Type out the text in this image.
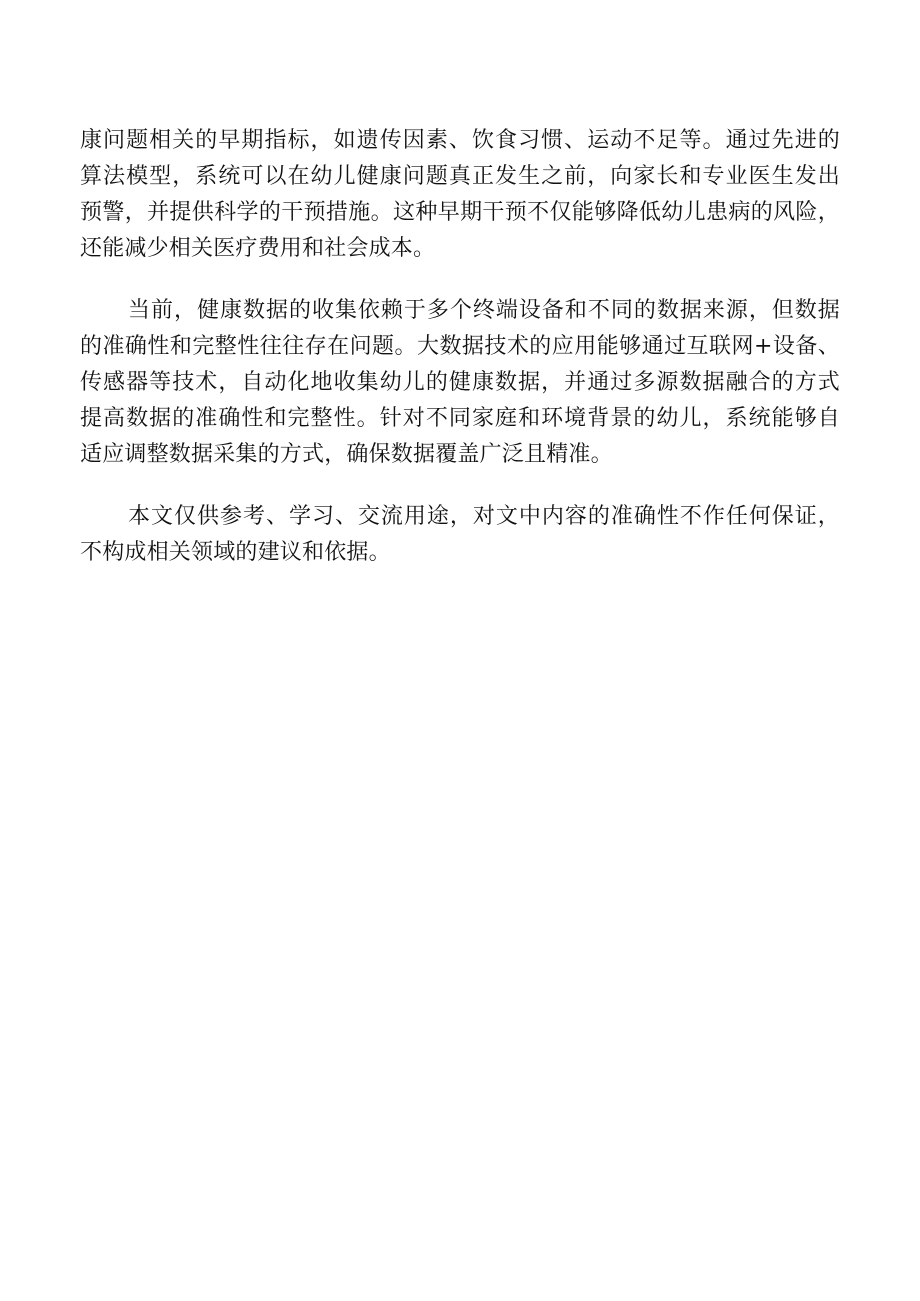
康问题相关的早期指标，如遗传因素、饮食习惯、运动不足等。通过先进的
算法模型，系统可以在幼儿健康问题真正发生之前，向家长和专业医生发出
预警，并提供科学的干预措施。这种早期干预不仅能够降低幼儿患病的风险，
还能减少相关医疗费用和社会成本。

当前，健康数据的收集依赖于多个终端设备和不同的数据来源，但数据
的准确性和完整性往往存在问题。大数据技术的应用能够通过互联网+设备、
传感器等技术，自动化地收集幼儿的健康数据，并通过多源数据融合的方式
提高数据的准确性和完整性。针对不同家庭和环境背景的幼儿，系统能够自
适应调整数据采集的方式，确保数据覆盖广泛且精准。

本文仅供参考、学习、交流用途，对文中内容的准确性不作任何保证，
不构成相关领域的建议和依据。
